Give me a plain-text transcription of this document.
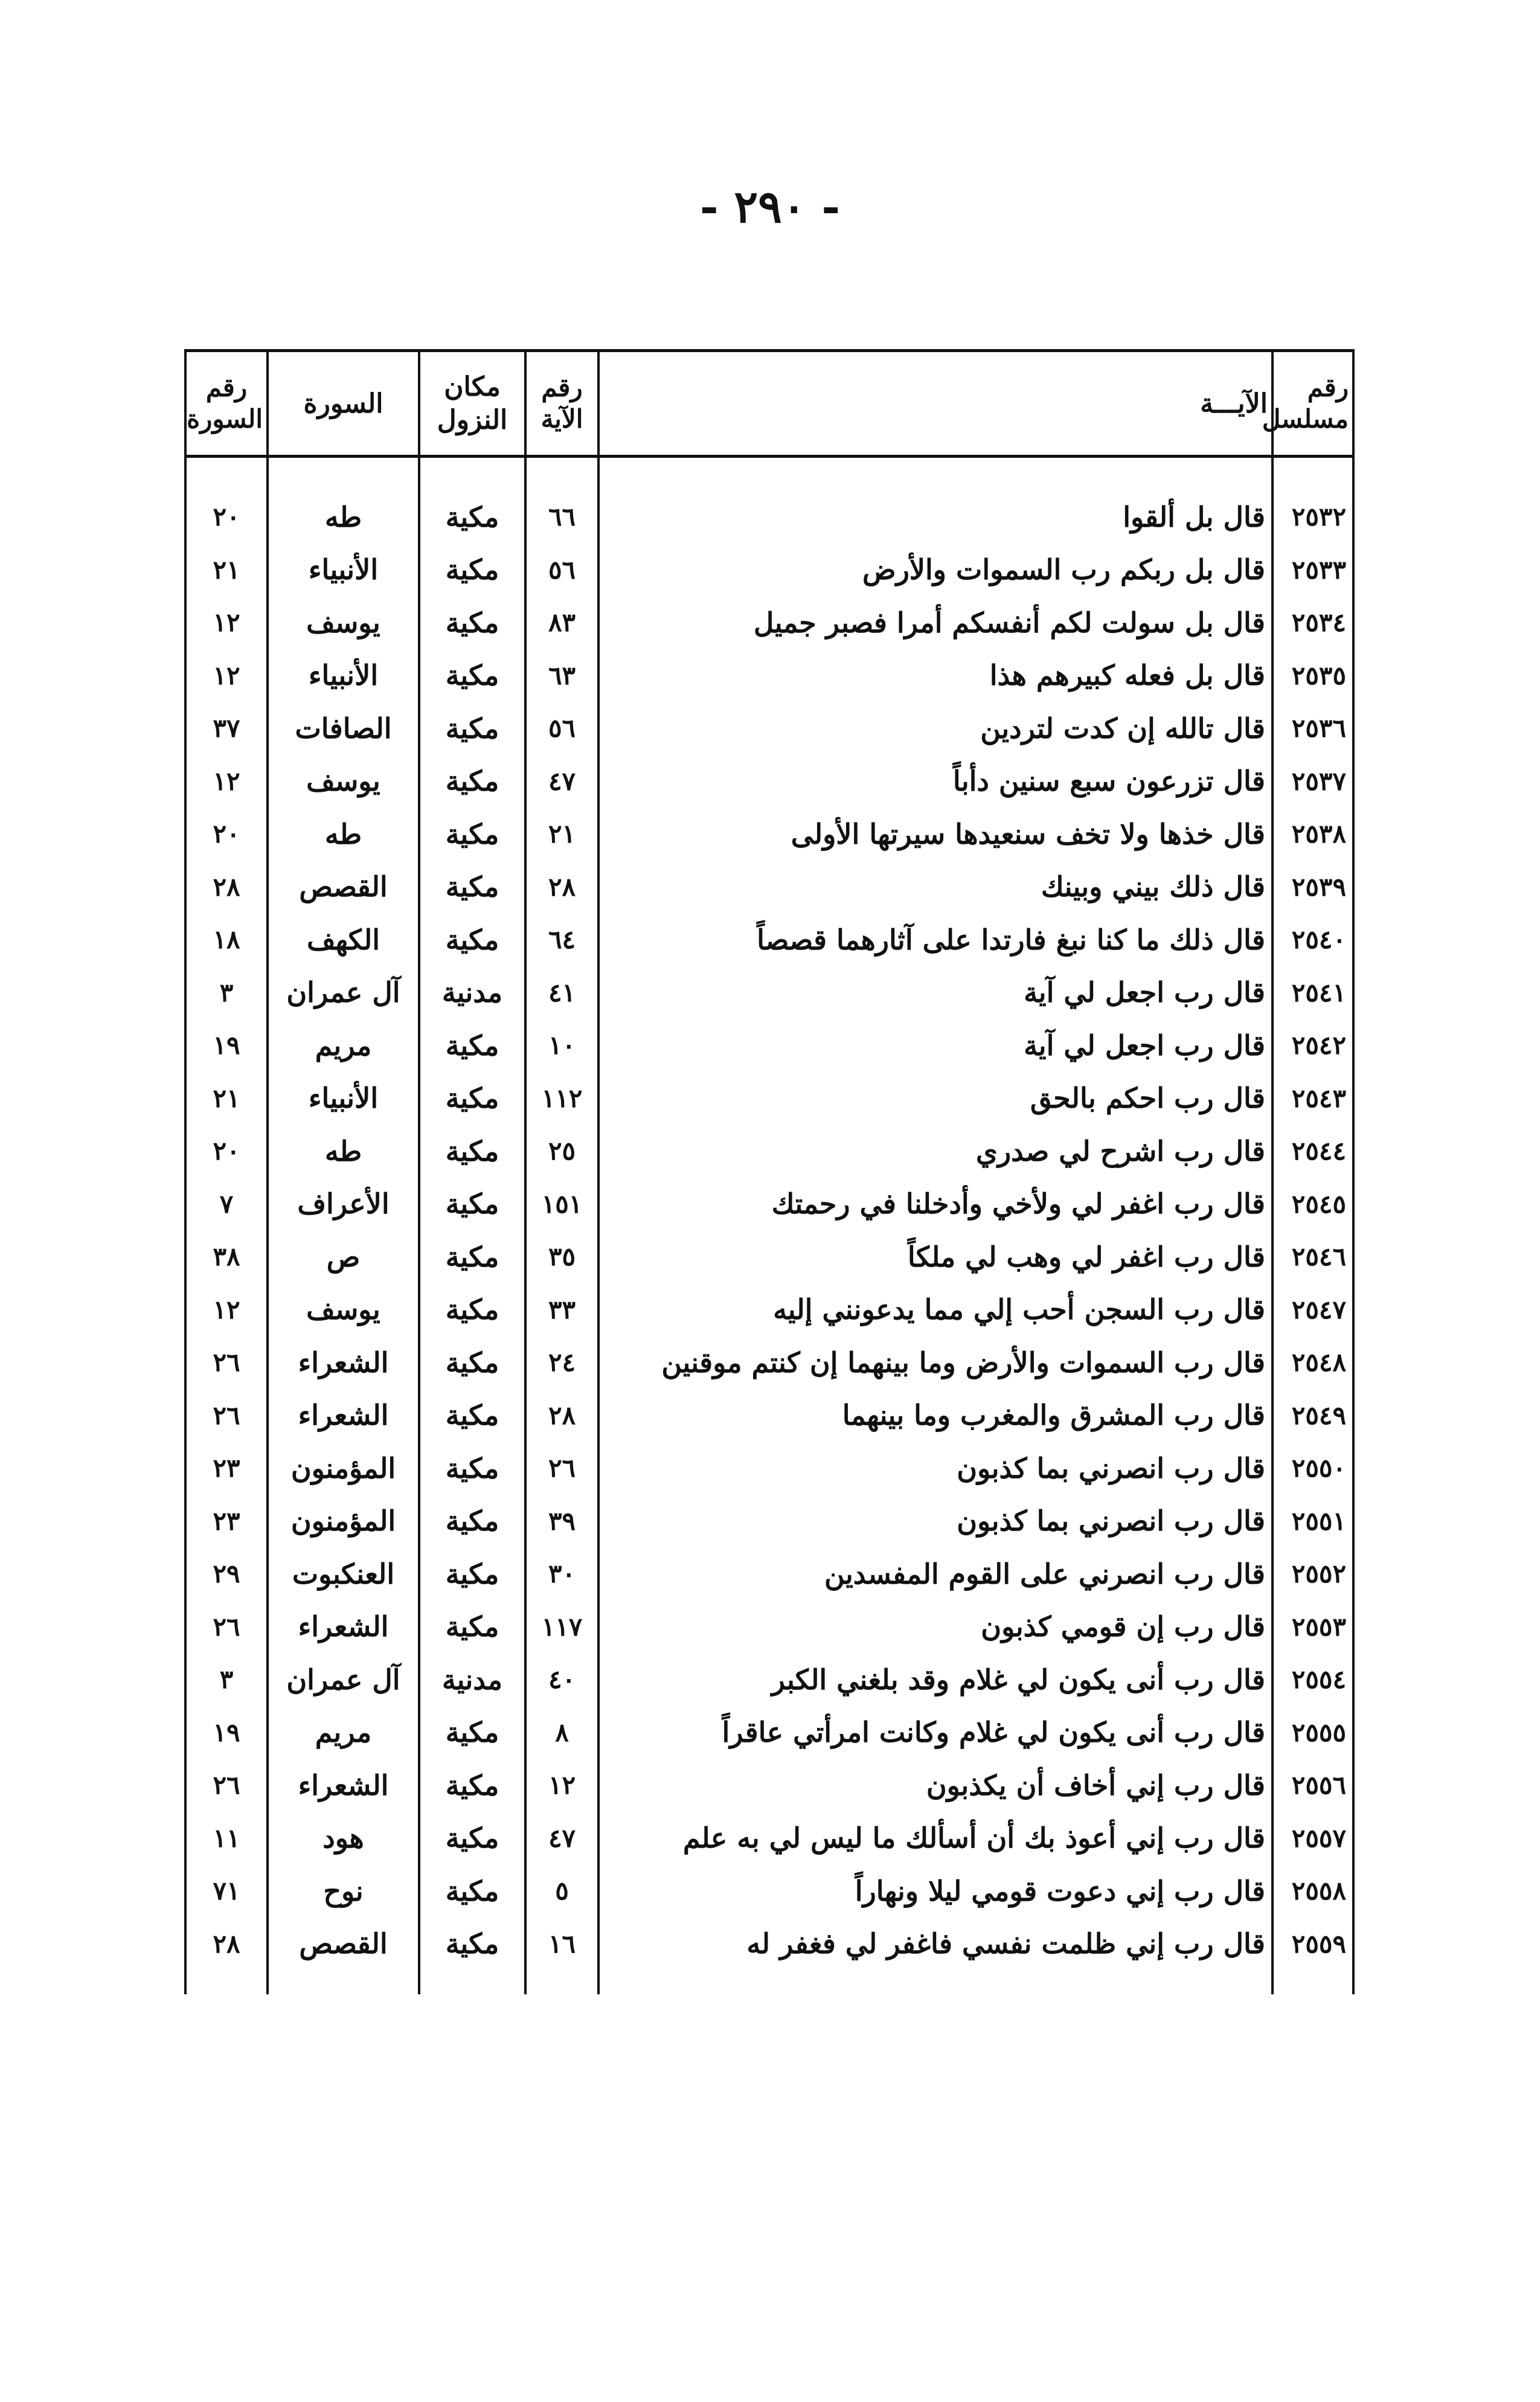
- ٢٩٠ -
رقم مسلسل	الآيـــة	رقم الآية	مكان النزول	السورة	رقم السورة

٢٥٣٢	قال بل ألقوا	٦٦	مكية	طه	٢٠
٢٥٣٣	قال بل ربكم رب السموات والأرض	٥٦	مكية	الأنبياء	٢١
٢٥٣٤	قال بل سولت لكم أنفسكم أمرا فصبر جميل	٨٣	مكية	يوسف	١٢
٢٥٣٥	قال بل فعله كبيرهم هذا	٦٣	مكية	الأنبياء	١٢
٢٥٣٦	قال تالله إن كدت لتردين	٥٦	مكية	الصافات	٣٧
٢٥٣٧	قال تزرعون سبع سنين دأباً	٤٧	مكية	يوسف	١٢
٢٥٣٨	قال خذها ولا تخف سنعيدها سيرتها الأولى	٢١	مكية	طه	٢٠
٢٥٣٩	قال ذلك بيني وبينك	٢٨	مكية	القصص	٢٨
٢٥٤٠	قال ذلك ما كنا نبغ فارتدا على آثارهما قصصاً	٦٤	مكية	الكهف	١٨
٢٥٤١	قال رب اجعل لي آية	٤١	مدنية	آل عمران	٣
٢٥٤٢	قال رب اجعل لي آية	١٠	مكية	مريم	١٩
٢٥٤٣	قال رب احكم بالحق	١١٢	مكية	الأنبياء	٢١
٢٥٤٤	قال رب اشرح لي صدري	٢٥	مكية	طه	٢٠
٢٥٤٥	قال رب اغفر لي ولأخي وأدخلنا في رحمتك	١٥١	مكية	الأعراف	٧
٢٥٤٦	قال رب اغفر لي وهب لي ملكاً	٣٥	مكية	ص	٣٨
٢٥٤٧	قال رب السجن أحب إلي مما يدعونني إليه	٣٣	مكية	يوسف	١٢
٢٥٤٨	قال رب السموات والأرض وما بينهما إن كنتم موقنين	٢٤	مكية	الشعراء	٢٦
٢٥٤٩	قال رب المشرق والمغرب وما بينهما	٢٨	مكية	الشعراء	٢٦
٢٥٥٠	قال رب انصرني بما كذبون	٢٦	مكية	المؤمنون	٢٣
٢٥٥١	قال رب انصرني بما كذبون	٣٩	مكية	المؤمنون	٢٣
٢٥٥٢	قال رب انصرني على القوم المفسدين	٣٠	مكية	العنكبوت	٢٩
٢٥٥٣	قال رب إن قومي كذبون	١١٧	مكية	الشعراء	٢٦
٢٥٥٤	قال رب أنى يكون لي غلام وقد بلغني الكبر	٤٠	مدنية	آل عمران	٣
٢٥٥٥	قال رب أنى يكون لي غلام وكانت امرأتي عاقراً	٨	مكية	مريم	١٩
٢٥٥٦	قال رب إني أخاف أن يكذبون	١٢	مكية	الشعراء	٢٦
٢٥٥٧	قال رب إني أعوذ بك أن أسألك ما ليس لي به علم	٤٧	مكية	هود	١١
٢٥٥٨	قال رب إني دعوت قومي ليلا ونهاراً	٥	مكية	نوح	٧١
٢٥٥٩	قال رب إني ظلمت نفسي فاغفر لي فغفر له	١٦	مكية	القصص	٢٨
